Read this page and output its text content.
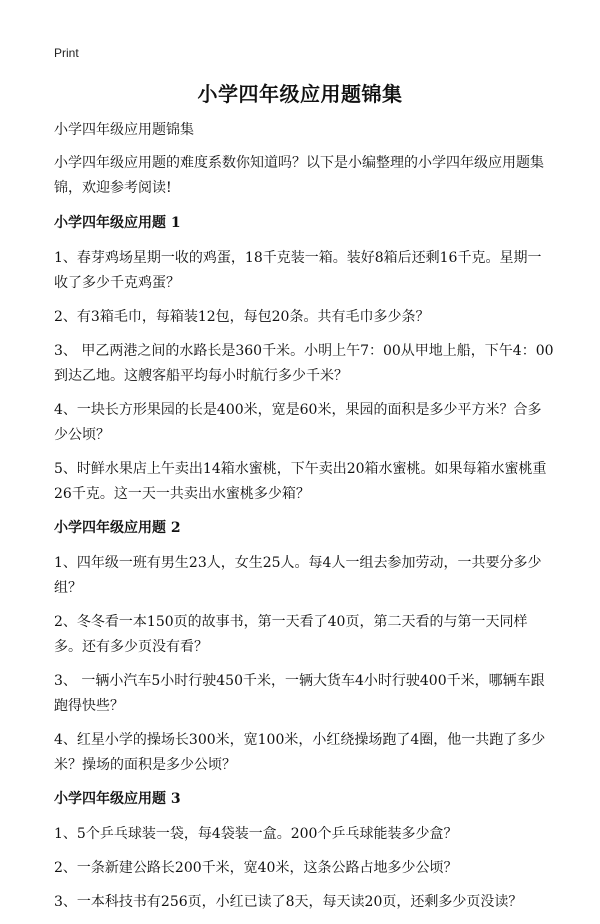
Print
小学四年级应用题锦集

小学四年级应用题锦集

小学四年级应用题的难度系数你知道吗？以下是小编整理的小学四年级应用题集锦，欢迎参考阅读!

小学四年级应用题 1

1、春芽鸡场星期一收的鸡蛋，18千克装一箱。装好8箱后还剩16千克。星期一收了多少千克鸡蛋？

2、有3箱毛巾，每箱装12包，每包20条。共有毛巾多少条？

3、 甲乙两港之间的水路长是360千米。小明上午7：00从甲地上船，下午4：00到达乙地。这艘客船平均每小时航行多少千米？

4、一块长方形果园的长是400米，宽是60米，果园的面积是多少平方米？合多少公顷？

5、时鲜水果店上午卖出14箱水蜜桃，下午卖出20箱水蜜桃。如果每箱水蜜桃重26千克。这一天一共卖出水蜜桃多少箱？

小学四年级应用题 2

1、四年级一班有男生23人，女生25人。每4人一组去参加劳动，一共要分多少组？

2、冬冬看一本150页的故事书，第一天看了40页，第二天看的与第一天同样多。还有多少页没有看？

3、 一辆小汽车5小时行驶450千米，一辆大货车4小时行驶400千米，哪辆车跟跑得快些？

4、红星小学的操场长300米，宽100米，小红绕操场跑了4圈，他一共跑了多少米？操场的面积是多少公顷？

小学四年级应用题 3

1、5个乒乓球装一袋，每4袋装一盒。200个乒乓球能装多少盒？

2、一条新建公路长200千米，宽40米，这条公路占地多少公顷？

3、一本科技书有256页，小红已读了8天，每天读20页，还剩多少页没读？
